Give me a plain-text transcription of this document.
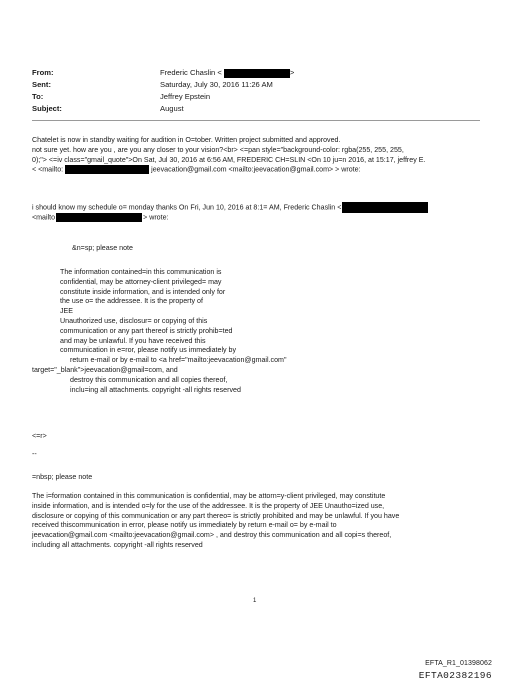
From:	Frederic Chaslin <	>
Sent:	Saturday, July 30, 2016 11:26 AM
To:	Jeffrey Epstein
Subject:	August
Chatelet is now in standby waiting for audition in O=tober. Written project submitted and approved.
not sure yet. how are you , are you any closer to your vision?<br> <=pan style="background-color: rgba(255, 255, 255,
0);"> <=iv class="gmail_quote">On Sat, Jul 30, 2016 at 6:56 AM, FREDERIC CH=SLIN <On 10 ju=n 2016, at 15:17, jeffrey E.
< <mailto:	jeevacation@gmail.com <mailto:jeevacation@gmail.com> > wrote:
i should know my schedule o= monday thanks On Fri, Jun 10, 2016 at 8:1= AM, Frederic Chaslin <
<mailto	> wrote:
&n=sp; please note
The information contained=in this communication is
confidential, may be attorney-client privileged= may
constitute inside information, and is intended only for
the use o= the addressee. It is the property of
JEE
Unauthorized use, disclosur= or copying of this
communication or any part thereof is strictly prohib=ted
and may be unlawful. If you have received this
communication in e=ror, please notify us immediately by
return e-mail or by e-mail to <a href="mailto:jeevacation@gmail.com"
target="_blank">jeevacation@gmail=com, and
destroy this communication and all copies thereof,
inclu=ing all attachments. copyright -all rights reserved
<=r>
--
=nbsp; please note
The i=formation contained in this communication is confidential, may be attorn=y-client privileged, may constitute
inside information, and is intended o=ly for the use of the addressee. It is the property of JEE Unautho=ized use,
disclosure or copying of this communication or any part thereo= is strictly prohibited and may be unlawful. If you have
received thiscommunication in error, please notify us immediately by return e-mail o= by e-mail to
jeevacation@gmail.com <mailto:jeevacation@gmail.com> , and destroy this communication and all copi=s thereof,
including all attachments. copyright -all rights reserved
1
EFTA_R1_01398062
EFTA02382196
